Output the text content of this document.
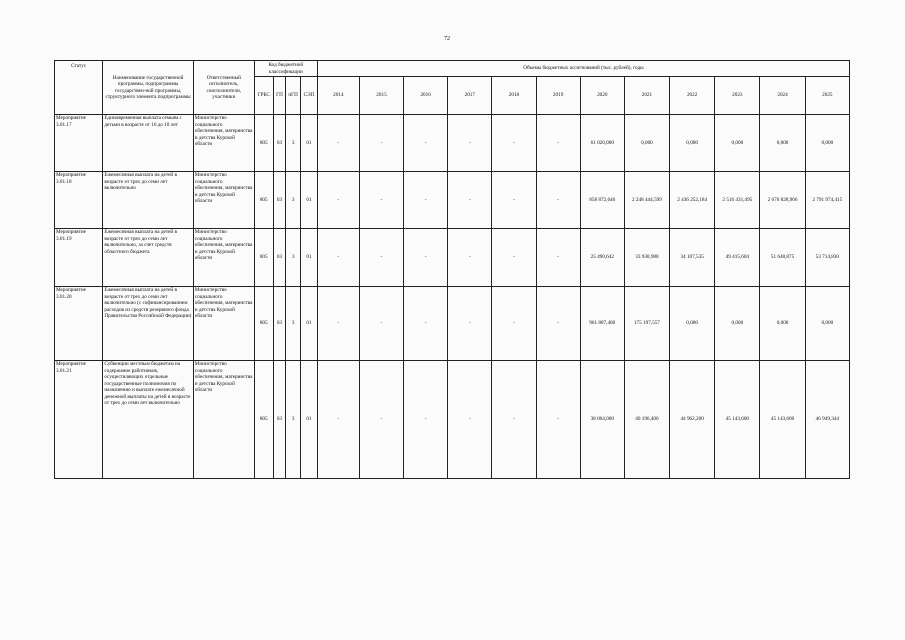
72
Статус	Наименование государственной программы, подпрограммы государствен-ной программы, структурного элемента подпрограммы	Ответственный исполнитель, соисполнители, участники	Код бюджетной классификации				Объемы бюджетных ассигнований (тыс. рублей), годы											
			ГРБС	ГП	пГП	СЭП	2014	2015	2016	2017	2018	2019	2020	2021	2022	2023	2024	2025
Мероприятие 3.01.17	Единовременная выплата семьям с детьми в возрасте от 16 до 18 лет	Министерство социального обеспечения, материнства и детства Курской области	805	03	3	01	-	-	-	-	-	-	61 020,000	0,000	0,000	0,000	0,000	0,000
Мероприятие 3.01.18	Ежемесячная выплата на детей в возрасте от трех до семи лет включительно	Министерство социального обеспечения, материнства и детства Курской области	805	03	3	01	-	-	-	-	-	-	858 872,646	2 248 444,599	2 436 252,184	2 516 431,495	2 676 828,966	2 791 974,415
Мероприятие 3.01.19	Ежемесячная выплата на детей в возрасте от трех до семи лет включительно, за счет средств областного бюджета	Министерство социального обеспечения, материнства и детства Курской области	805	03	3	01	-	-	-	-	-	-	25 490,642	33 930,988	34 107,535	49 415,604	51 648,875	53 714,830
Мероприятие 3.01.20	Ежемесячная выплата на детей в возрасте от трех до семи лет включительно (с софинансированием расходов из средств резервного фонда Правительства Российской Федерации)	Министерство социального обеспечения, материнства и детства Курской области	805	03	3	01	-	-	-	-	-	-	961 887,400	175 197,557	0,000	0,000	0,000	0,000
Мероприятие 3.01.21	Субвенции местным бюджетам на содержание работников, осуществляющих отдельные государственные полномочия по назначению и выплате ежемесячной денежной выплаты на детей в возрасте от трех до семи лет включительно	Министерство социального обеспечения, материнства и детства Курской области	805	03	3	01	-	-	-	-	-	-	38 064,000	40 196,400	44 962,200	45 143,600	45 143,600	46 949,344
